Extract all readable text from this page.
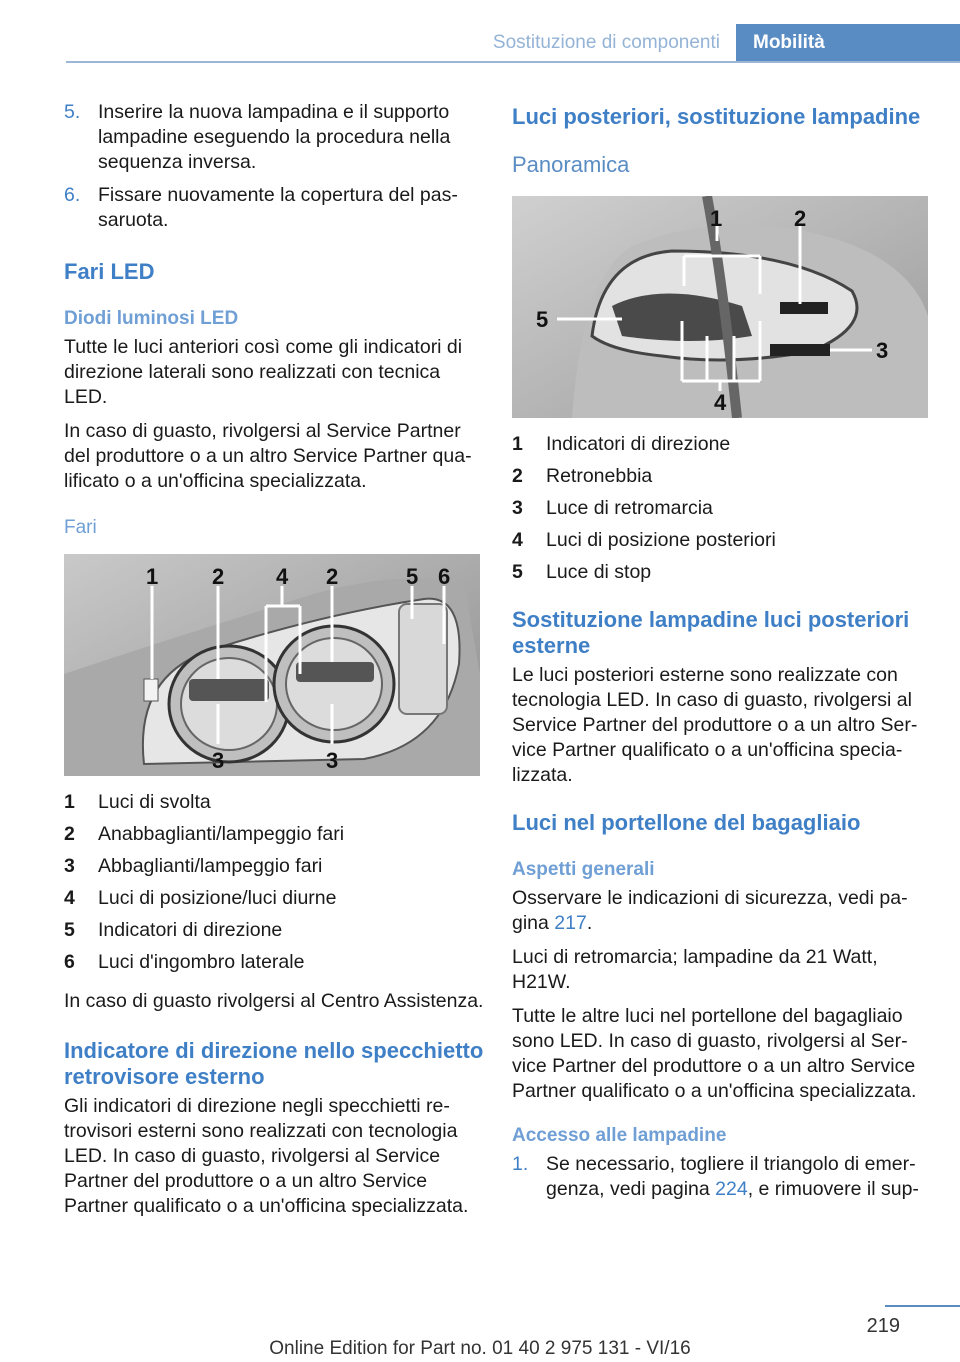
Sostituzione di componenti	Mobilità
5. Inserire la nuova lampadina e il supporto lampadine eseguendo la procedura nella sequenza inversa.
6. Fissare nuovamente la copertura del passaruota.
Fari LED
Diodi luminosi LED

Tutte le luci anteriori così come gli indicatori di direzione laterali sono realizzati con tecnica LED.

In caso di guasto, rivolgersi al Service Partner del produttore o a un altro Service Partner qualificato o a un'officina specializzata.

Fari
1 2 4 2	5 6
3	3
1	Luci di svolta
2	Anabbaglianti/lampeggio fari
3	Abbaglianti/lampeggio fari
4	Luci di posizione/luci diurne
5	Indicatori di direzione
6	Luci d'ingombro laterale

In caso di guasto rivolgersi al Centro Assistenza.

Indicatore di direzione nello specchietto retrovisore esterno

Gli indicatori di direzione negli specchietti retrovisori esterni sono realizzati con tecnologia LED. In caso di guasto, rivolgersi al Service Partner del produttore o a un altro Service Partner qualificato o a un'officina specializzata.

Luci posteriori, sostituzione lampadine
Panoramica
1	2
5
3
4
1	Indicatori di direzione
2	Retronebbia
3	Luce di retromarcia
4	Luci di posizione posteriori
5	Luce di stop
Sostituzione lampadine luci posteriori esterne

Le luci posteriori esterne sono realizzate con tecnologia LED. In caso di guasto, rivolgersi al Service Partner del produttore o a un altro Service Partner qualificato o a un'officina specializzata.

Luci nel portellone del bagagliaio
Aspetti generali

Osservare le indicazioni di sicurezza, vedi pagina 217.

Luci di retromarcia; lampadine da 21 Watt, H21W.

Tutte le altre luci nel portellone del bagagliaio sono LED. In caso di guasto, rivolgersi al Service Partner del produttore o a un altro Service Partner qualificato o a un'officina specializzata.

Accesso alle lampadine
1. Se necessario, togliere il triangolo di emergenza, vedi pagina 224, e rimuovere il sup-
219
Online Edition for Part no. 01 40 2 975 131 - VI/16
